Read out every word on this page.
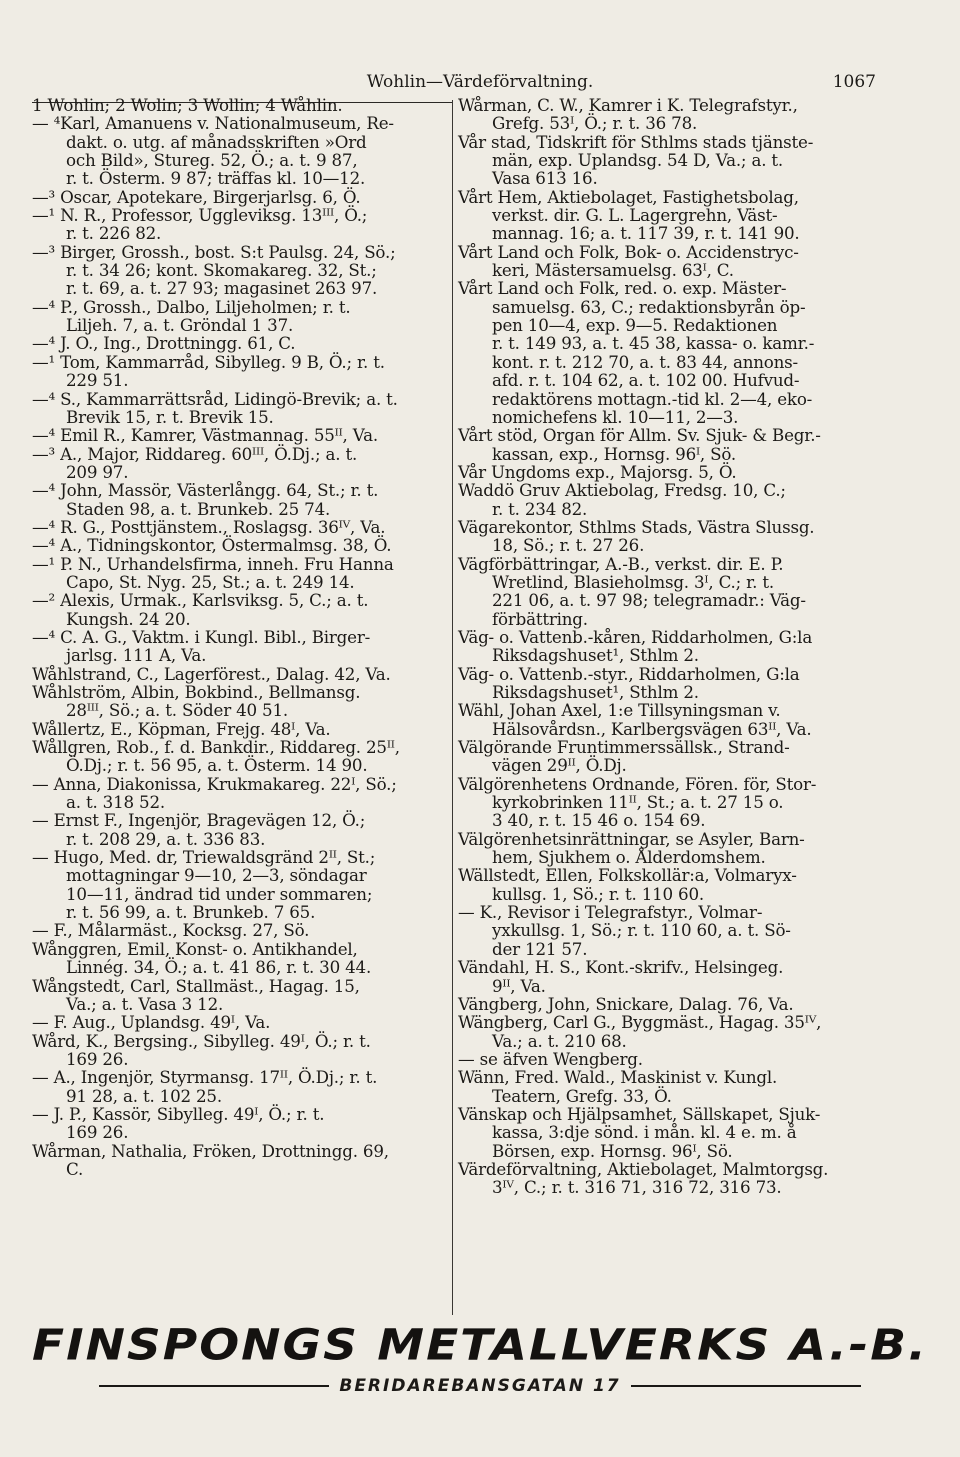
Wohlin—Värdeförvaltning.	1067
1 Wohlin; 2 Wolin; 3 Wollin; 4 Wåhlin.
— ⁴Karl, Amanuens v. Nationalmuseum, Re-
dakt. o. utg. af månadsskriften »Ord
och Bild», Stureg. 52, Ö.; a. t. 9 87,
r. t. Österm. 9 87; träffas kl. 10—12.
—³ Oscar, Apotekare, Birgerjarlsg. 6, Ö.
—¹ N. R., Professor, Uggleviksg. 13ᴵᴵᴵ, Ö.;
r. t. 226 82.
—³ Birger, Grossh., bost. S:t Paulsg. 24, Sö.;
r. t. 34 26; kont. Skomakareg. 32, St.;
r. t. 69, a. t. 27 93; magasinet 263 97.
—⁴ P., Grossh., Dalbo, Liljeholmen; r. t.
Liljeh. 7, a. t. Gröndal 1 37.
—⁴ J. O., Ing., Drottningg. 61, C.
—¹ Tom, Kammarråd, Sibylleg. 9 B, Ö.; r. t.
229 51.
—⁴ S., Kammarrättsråd, Lidingö-Brevik; a. t.
Brevik 15, r. t. Brevik 15.
—⁴ Emil R., Kamrer, Västmannag. 55ᴵᴵ, Va.
—³ A., Major, Riddareg. 60ᴵᴵᴵ, Ö.Dj.; a. t.
209 97.
—⁴ John, Massör, Västerlångg. 64, St.; r. t.
Staden 98, a. t. Brunkeb. 25 74.
—⁴ R. G., Posttjänstem., Roslagsg. 36ᴵⱽ, Va.
—⁴ A., Tidningskontor, Östermalmsg. 38, Ö.
—¹ P. N., Urhandelsfirma, inneh. Fru Hanna
Capo, St. Nyg. 25, St.; a. t. 249 14.
—² Alexis, Urmak., Karlsviksg. 5, C.; a. t.
Kungsh. 24 20.
—⁴ C. A. G., Vaktm. i Kungl. Bibl., Birger-
jarlsg. 111 A, Va.
Wåhlstrand, C., Lagerförest., Dalag. 42, Va.
Wåhlström, Albin, Bokbind., Bellmansg.
28ᴵᴵᴵ, Sö.; a. t. Söder 40 51.
Wållertz, E., Köpman, Frejg. 48ᴵ, Va.
Wållgren, Rob., f. d. Bankdir., Riddareg. 25ᴵᴵ,
Ö.Dj.; r. t. 56 95, a. t. Österm. 14 90.
— Anna, Diakonissa, Krukmakareg. 22ᴵ, Sö.;
a. t. 318 52.
— Ernst F., Ingenjör, Bragevägen 12, Ö.;
r. t. 208 29, a. t. 336 83.
— Hugo, Med. dr, Triewaldsgränd 2ᴵᴵ, St.;
mottagningar 9—10, 2—3, söndagar
10—11, ändrad tid under sommaren;
r. t. 56 99, a. t. Brunkeb. 7 65.
— F., Målarmäst., Kocksg. 27, Sö.
Wånggren, Emil, Konst- o. Antikhandel,
Linnég. 34, Ö.; a. t. 41 86, r. t. 30 44.
Wångstedt, Carl, Stallmäst., Hagag. 15,
Va.; a. t. Vasa 3 12.
— F. Aug., Uplandsg. 49ᴵ, Va.
Wård, K., Bergsing., Sibylleg. 49ᴵ, Ö.; r. t.
169 26.
— A., Ingenjör, Styrmansg. 17ᴵᴵ, Ö.Dj.; r. t.
91 28, a. t. 102 25.
— J. P., Kassör, Sibylleg. 49ᴵ, Ö.; r. t.
169 26.
Wårman, Nathalia, Fröken, Drottningg. 69,
C.
Wårman, C. W., Kamrer i K. Telegrafstyr.,
Grefg. 53ᴵ, Ö.; r. t. 36 78.
Vår stad, Tidskrift för Sthlms stads tjänste-
män, exp. Uplandsg. 54 D, Va.; a. t.
Vasa 613 16.
Vårt Hem, Aktiebolaget, Fastighetsbolag,
verkst. dir. G. L. Lagergrehn, Väst-
mannag. 16; a. t. 117 39, r. t. 141 90.
Vårt Land och Folk, Bok- o. Accidenstryc-
keri, Mästersamuelsg. 63ᴵ, C.
Vårt Land och Folk, red. o. exp. Mäster-
samuelsg. 63, C.; redaktionsbyrån öp-
pen 10—4, exp. 9—5. Redaktionen
r. t. 149 93, a. t. 45 38, kassa- o. kamr.-
kont. r. t. 212 70, a. t. 83 44, annons-
afd. r. t. 104 62, a. t. 102 00. Hufvud-
redaktörens mottagn.-tid kl. 2—4, eko-
nomichefens kl. 10—11, 2—3.
Vårt stöd, Organ för Allm. Sv. Sjuk- & Begr.-
kassan, exp., Hornsg. 96ᴵ, Sö.
Vår Ungdoms exp., Majorsg. 5, Ö.
Waddö Gruv Aktiebolag, Fredsg. 10, C.;
r. t. 234 82.
Vägarekontor, Sthlms Stads, Västra Slussg.
18, Sö.; r. t. 27 26.
Vägförbättringar, A.-B., verkst. dir. E. P.
Wretlind, Blasieholmsg. 3ᴵ, C.; r. t.
221 06, a. t. 97 98; telegramadr.: Väg-
förbättring.
Väg- o. Vattenb.-kåren, Riddarholmen, G:la
Riksdagshuset¹, Sthlm 2.
Väg- o. Vattenb.-styr., Riddarholmen, G:la
Riksdagshuset¹, Sthlm 2.
Wähl, Johan Axel, 1:e Tillsyningsman v.
Hälsovårdsn., Karlbergsvägen 63ᴵᴵ, Va.
Välgörande Fruntimmerssällsk., Strand-
vägen 29ᴵᴵ, Ö.Dj.
Välgörenhetens Ordnande, Fören. för, Stor-
kyrkobrinken 11ᴵᴵ, St.; a. t. 27 15 o.
3 40, r. t. 15 46 o. 154 69.
Välgörenhetsinrättningar, se Asyler, Barn-
hem, Sjukhem o. Ålderdomshem.
Wällstedt, Ellen, Folkskollär:a, Volmaryx-
kullsg. 1, Sö.; r. t. 110 60.
— K., Revisor i Telegrafstyr., Volmar-
yxkullsg. 1, Sö.; r. t. 110 60, a. t. Sö-
der 121 57.
Vändahl, H. S., Kont.-skrifv., Helsingeg.
9ᴵᴵ, Va.
Vängberg, John, Snickare, Dalag. 76, Va.
Wängberg, Carl G., Byggmäst., Hagag. 35ᴵⱽ,
Va.; a. t. 210 68.
— se äfven Wengberg.
Wänn, Fred. Wald., Maskinist v. Kungl.
Teatern, Grefg. 33, Ö.
Vänskap och Hjälpsamhet, Sällskapet, Sjuk-
kassa, 3:dje sönd. i mån. kl. 4 e. m. å
Börsen, exp. Hornsg. 96ᴵ, Sö.
Värdeförvaltning, Aktiebolaget, Malmtorgsg.
3ᴵⱽ, C.; r. t. 316 71, 316 72, 316 73.
FINSPONGS METALLVERKS A.-B.
BERIDAREBANSGATAN 17
